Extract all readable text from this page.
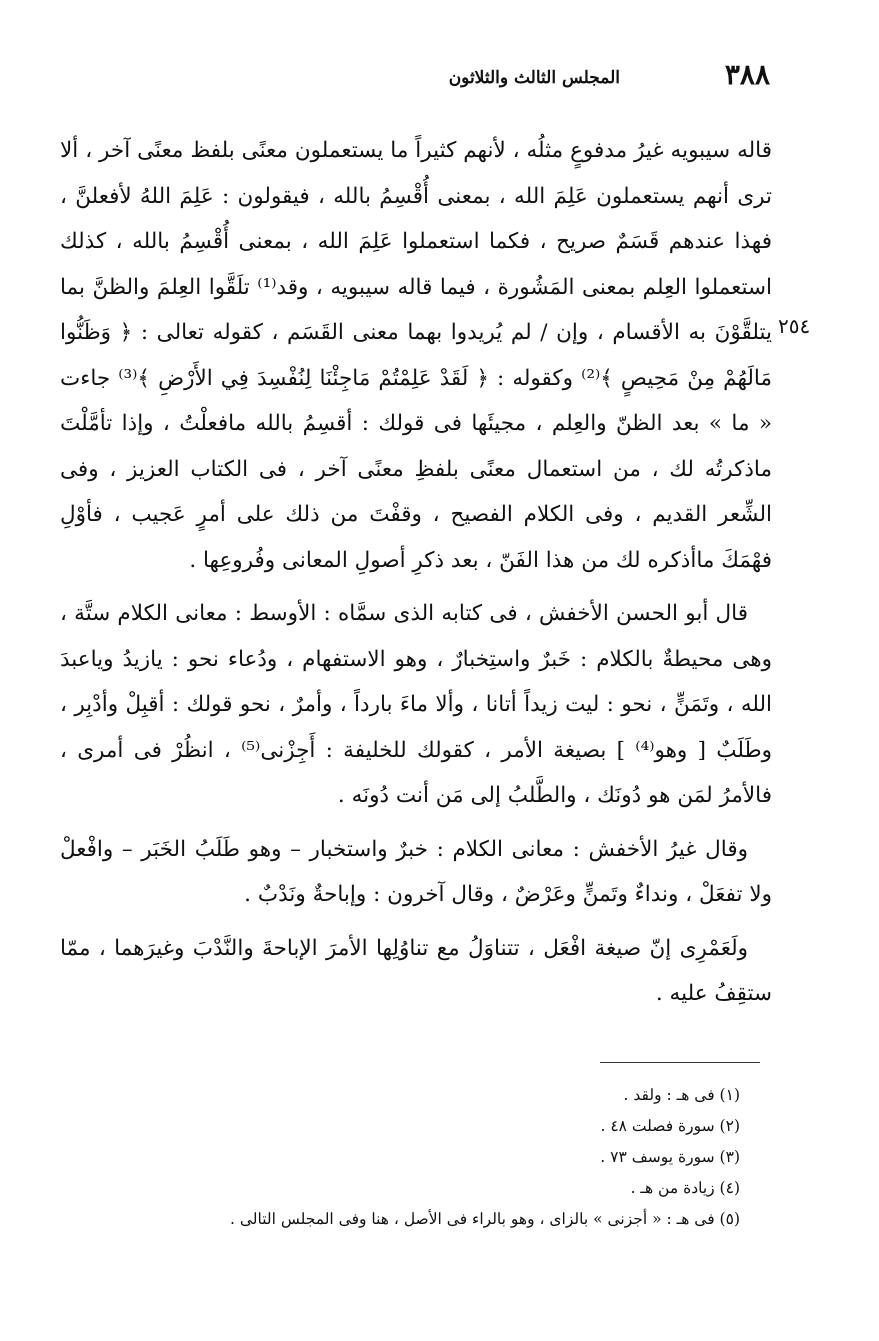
٣٨٨
المجلس الثالث والثلاثون
٢٥٤

قاله سيبويه غيرُ مدفوعٍ مثلُه ، لأنهم كثيراً ما يستعملون معنًى بلفظ معنًى آخر ، ألا ترى أنهم يستعملون عَلِمَ الله ، بمعنى أُقْسِمُ بالله ، فيقولون : عَلِمَ اللهُ لأفعلنَّ ، فهذا عندهم قَسَمٌ صريح ، فكما استعملوا عَلِمَ الله ، بمعنى أُقْسِمُ بالله ، كذلك استعملوا العِلم بمعنى المَشُورة ، فيما قاله سيبويه ، وقد⁽¹⁾ تلَقَّوا العِلمَ والظنَّ بما يتلقَّوْنَ به الأقسام ، وإن / لم يُريدوا بهما معنى القَسَم ، كقوله تعالى : ﴿ وَظَنُّوا مَالَهُمْ مِنْ مَحِيصٍ ﴾⁽²⁾ وكقوله : ﴿ لَقَدْ عَلِمْتُمْ مَاجِئْنَا لِنُفْسِدَ فِي الأَرْضِ ﴾⁽³⁾ جاءت « ما » بعد الظنّ والعِلم ، مجيئَها فى قولك : أقسِمُ بالله مافعلْتُ ، وإذا تأمَّلْتَ ماذكرتُه لك ، من استعمال معنًى بلفظِ معنًى آخر ، فى الكتاب العزيز ، وفى الشِّعر القديم ، وفى الكلام الفصيح ، وقفْتَ من ذلك على أمرٍ عَجيب ، فأوْلِ فهْمَكَ ماأذكره لك من هذا الفَنّ ، بعد ذكرِ أصولِ المعانى وفُروعِها .

قال أبو الحسن الأخفش ، فى كتابه الذى سمَّاه : الأوسط : معانى الكلام ستَّة ، وهى محيطةٌ بالكلام : خَبرٌ واستِخبارٌ ، وهو الاستفهام ، ودُعاء نحو : يازيدُ وياعبدَ الله ، وتَمَنٍّ ، نحو : ليت زيداً أتانا ، وألا ماءَ بارداً ، وأمرٌ ، نحو قولك : أقبِلْ وأدْبِر ، وطَلَبٌ [ وهو⁽⁴⁾ ] بصيغة الأمر ، كقولك للخليفة : أَجِزْنى⁽⁵⁾ ، انظُرْ فى أمرى ، فالأمرُ لمَن هو دُونَك ، والطَّلبُ إلى مَن أنت دُونَه .

وقال غيرُ الأخفش : معانى الكلام : خبرٌ واستخبار – وهو طَلَبُ الخَبَر – وافْعلْ ولا تفعَلْ ، ونداءٌ وتَمنٍّ وعَرْضٌ ، وقال آخرون : وإباحةٌ ونَدْبٌ .

ولَعَمْرِى إنّ صيغة افْعَل ، تتناوَلُ مع تناوُلِها الأمرَ الإباحةَ والنَّدْبَ وغيرَهما ، ممّا ستقِفُ عليه .

(١) فى هـ : ولقد .
(٢) سورة فصلت ٤٨ .
(٣) سورة يوسف ٧٣ .
(٤) زيادة من هـ .
(٥) فى هـ : « أجزنى » بالزاى ، وهو بالراء فى الأصل ، هنا وفى المجلس التالى .
